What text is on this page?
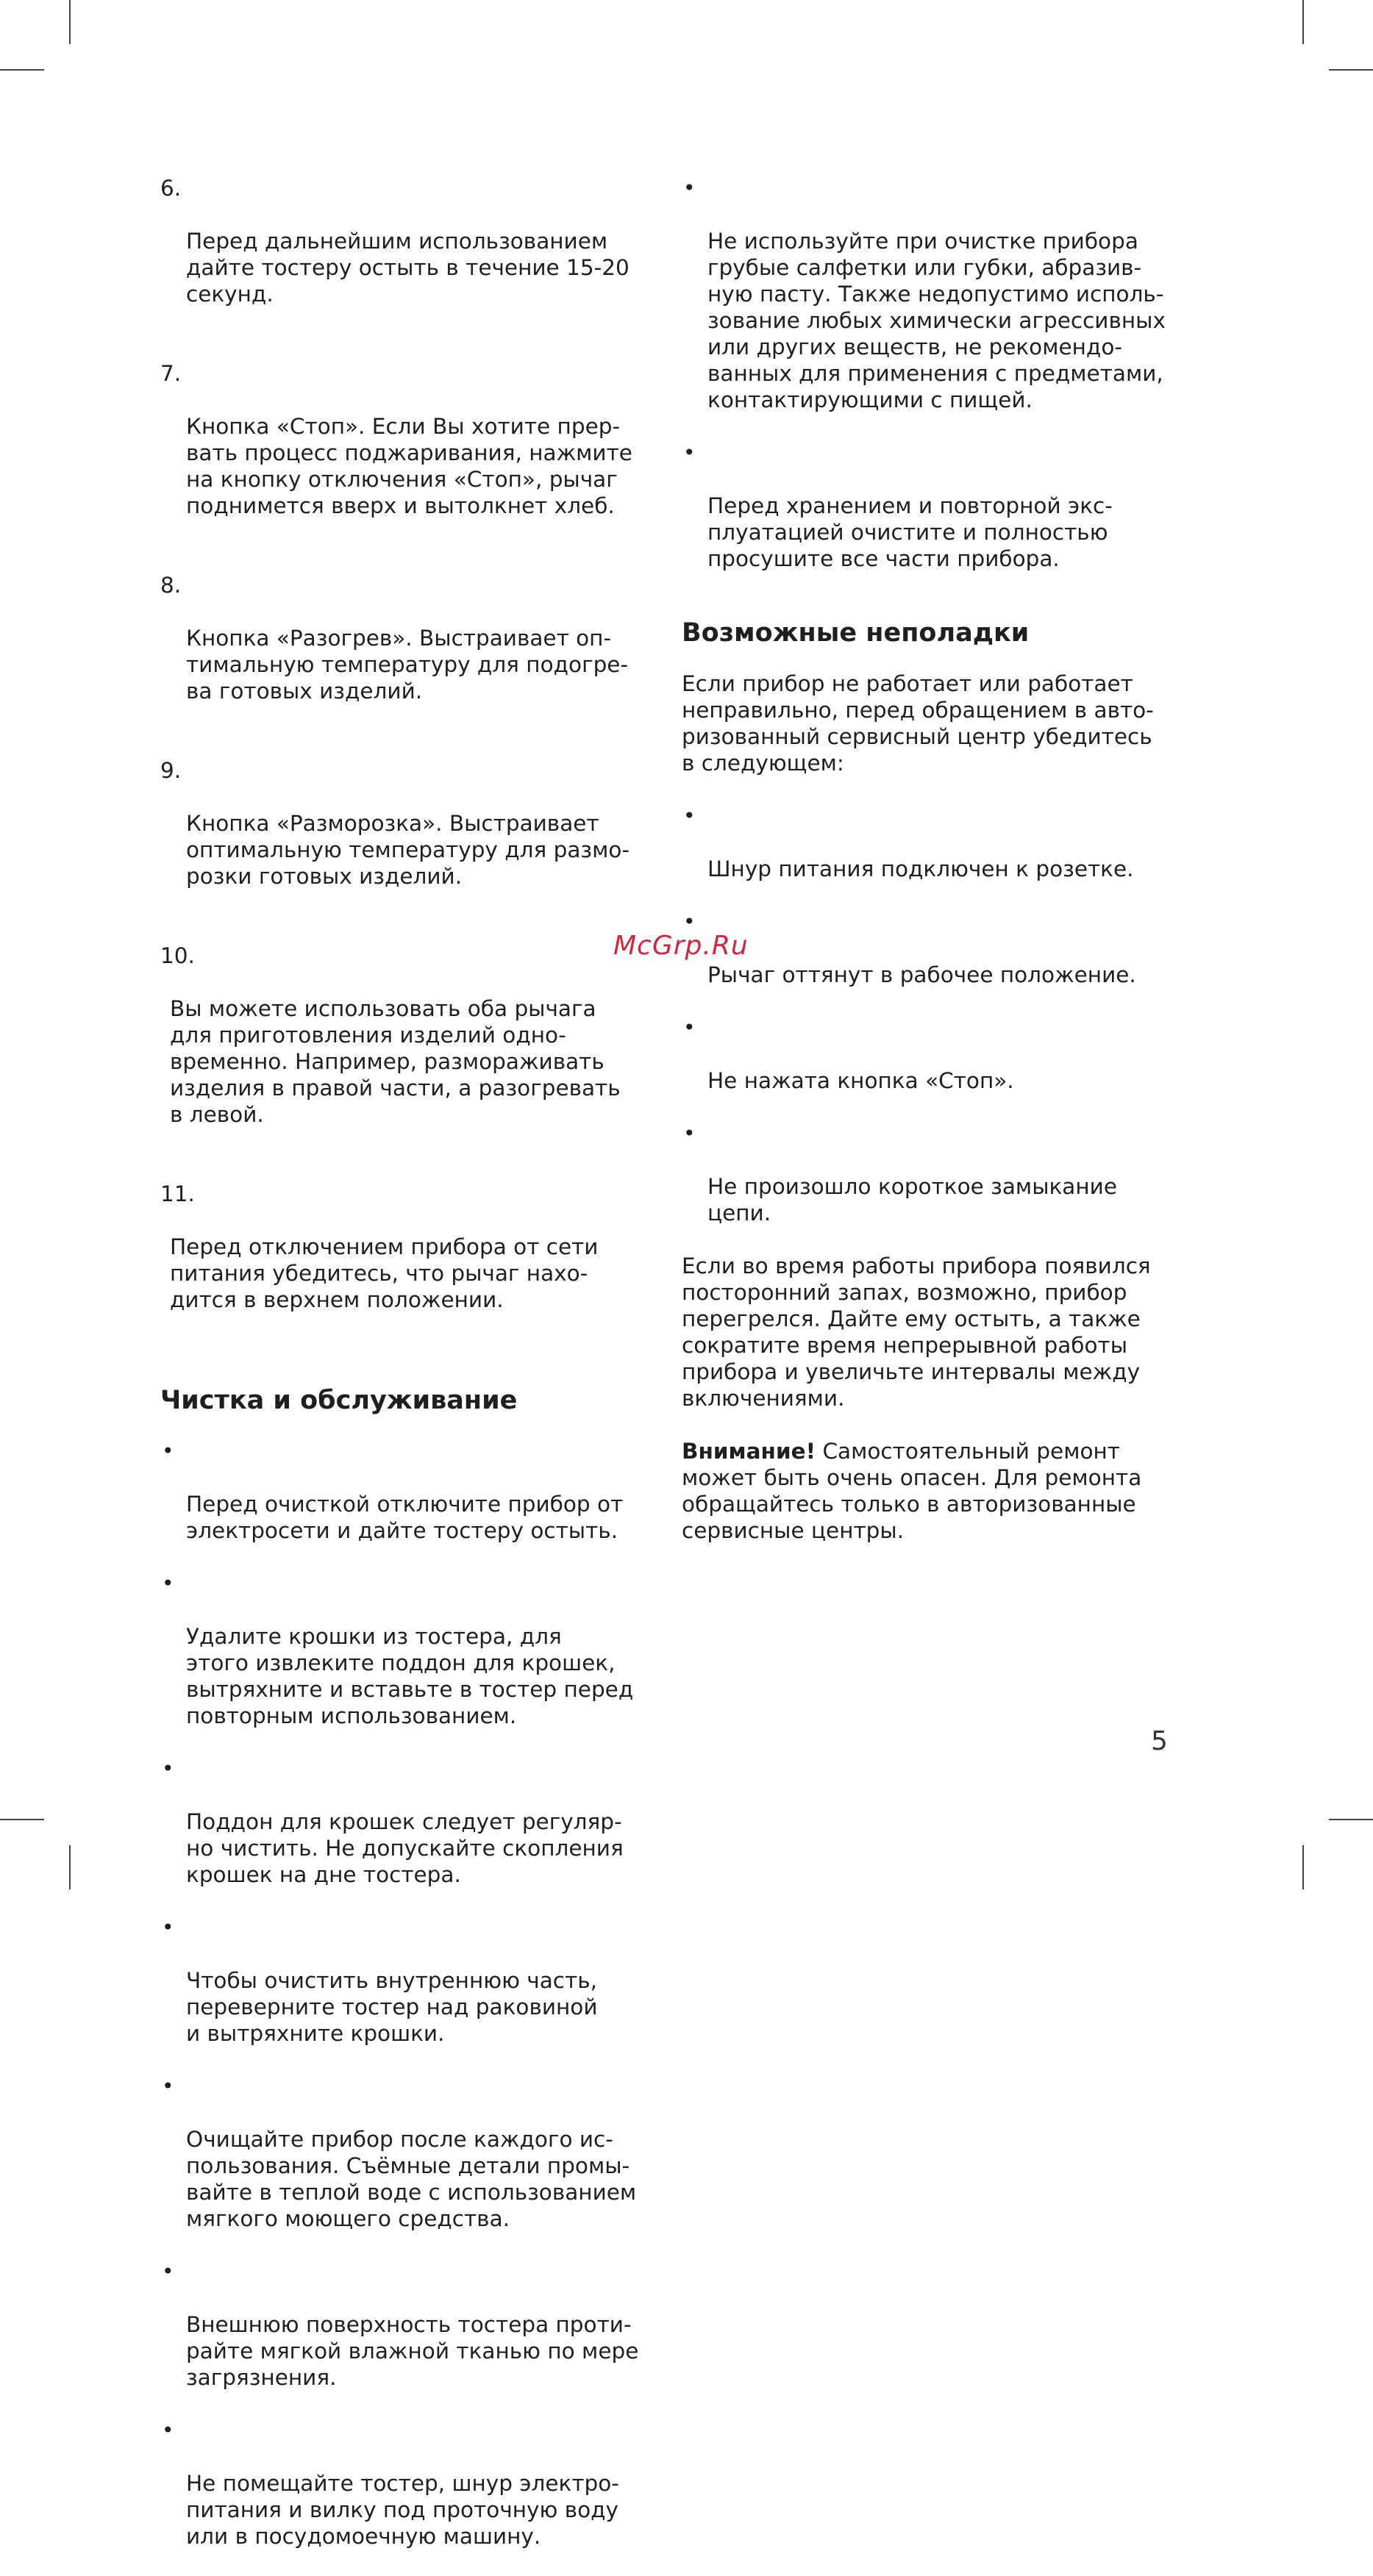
6.

Перед дальнейшим использованием
дайте тостеру остыть в течение 15-20
секунд.

7.

Кнопка «Стоп». Если Вы хотите прер-
вать процесс поджаривания, нажмите
на кнопку отключения «Стоп», рычаг
поднимется вверх и вытолкнет хлеб.

8.

Кнопка «Разогрев». Выстраивает оп-
тимальную температуру для подогре-
ва готовых изделий.

9.

Кнопка «Разморозка». Выстраивает
оптимальную температуру для размо-
розки готовых изделий.

10.

Вы можете использовать оба рычага
для приготовления изделий одно-
временно. Например, размораживать
изделия в правой части, а разогревать
в левой.

11.

Перед отключением прибора от сети
питания убедитесь, что рычаг нахо-
дится в верхнем положении.

Чистка и обслуживание

•

Перед очисткой отключите прибор от
электросети и дайте тостеру остыть.

•

Удалите крошки из тостера, для
этого извлеките поддон для крошек,
вытряхните и вставьте в тостер перед
повторным использованием.

•

Поддон для крошек следует регуляр-
но чистить. Не допускайте скопления
крошек на дне тостера.

•

Чтобы очистить внутреннюю часть,
переверните тостер над раковиной
и вытряхните крошки.

•

Очищайте прибор после каждого ис-
пользования. Съёмные детали промы-
вайте в теплой воде с использованием
мягкого моющего средства.

•

Внешнюю поверхность тостера проти-
райте мягкой влажной тканью по мере
загрязнения.

•

Не помещайте тостер, шнур электро-
питания и вилку под проточную воду
или в посудомоечную машину.

•

Не используйте при очистке прибора
грубые салфетки или губки, абразив-
ную пасту. Также недопустимо исполь-
зование любых химически агрессивных
или других веществ, не рекомендо-
ванных для применения с предметами,
контактирующими с пищей.

•

Перед хранением и повторной экс-
плуатацией очистите и полностью
просушите все части прибора.

Возможные неполадки
Если прибор не работает или работает
неправильно, перед обращением в авто-
ризованный сервисный центр убедитесь
в следующем:

•

Шнур питания подключен к розетке.

•

Рычаг оттянут в рабочее положение.

•

Не нажата кнопка «Стоп».

•

Не произошло короткое замыкание
цепи.

Если во время работы прибора появился
посторонний запах, возможно, прибор
перегрелся. Дайте ему остыть, а также
сократите время непрерывной работы
прибора и увеличьте интервалы между
включениями.
Внимание! Самостоятельный ремонт
может быть очень опасен. Для ремонта
обращайтесь только в авторизованные
сервисные центры.
McGrp.Ru
5
